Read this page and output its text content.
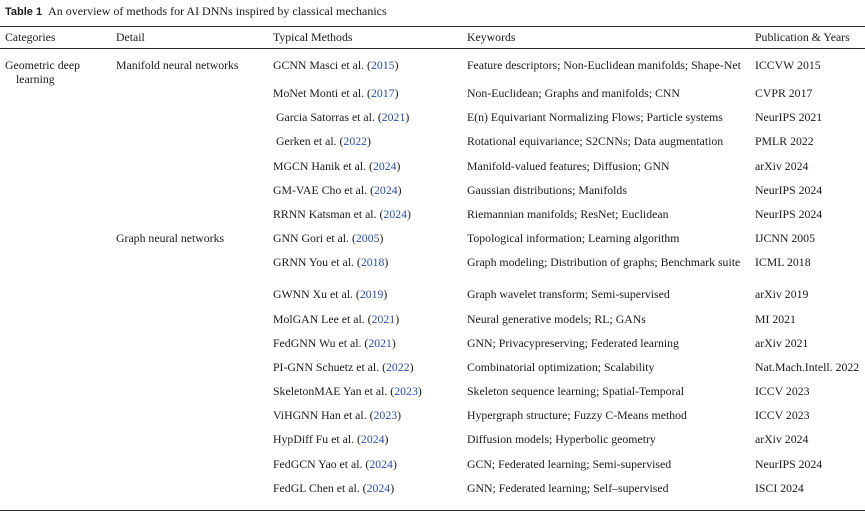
Table 1 An overview of methods for AI DNNs inspired by classical mechanics
Categories	Detail	Typical Methods	Keywords	Publication & Years

Geometric deep
learning	Manifold neural networks	GCNN Masci et al. (2015)	Feature descriptors; Non-Euclidean manifolds; Shape-Net	ICCVW 2015
		MoNet Monti et al. (2017)	Non-Euclidean; Graphs and manifolds; CNN	CVPR 2017
		Garcia Satorras et al. (2021)	E(n) Equivariant Normalizing Flows; Particle systems	NeurIPS 2021
		Gerken et al. (2022)	Rotational equivariance; S2CNNs; Data augmentation	PMLR 2022
		MGCN Hanik et al. (2024)	Manifold-valued features; Diffusion; GNN	arXiv 2024
		GM-VAE Cho et al. (2024)	Gaussian distributions; Manifolds	NeurIPS 2024
		RRNN Katsman et al. (2024)	Riemannian manifolds; ResNet; Euclidean	NeurIPS 2024
	Graph neural networks	GNN Gori et al. (2005)	Topological information; Learning algorithm	IJCNN 2005
		GRNN You et al. (2018)	Graph modeling; Distribution of graphs; Benchmark suite	ICML 2018
		GWNN Xu et al. (2019)	Graph wavelet transform; Semi-supervised	arXiv 2019
		MolGAN Lee et al. (2021)	Neural generative models; RL; GANs	MI 2021
		FedGNN Wu et al. (2021)	GNN; Privacypreserving; Federated learning	arXiv 2021
		PI-GNN Schuetz et al. (2022)	Combinatorial optimization; Scalability	Nat.Mach.Intell. 2022
		SkeletonMAE Yan et al. (2023)	Skeleton sequence learning; Spatial-Temporal	ICCV 2023
		ViHGNN Han et al. (2023)	Hypergraph structure; Fuzzy C-Means method	ICCV 2023
		HypDiff Fu et al. (2024)	Diffusion models; Hyperbolic geometry	arXiv 2024
		FedGCN Yao et al. (2024)	GCN; Federated learning; Semi-supervised	NeurIPS 2024
		FedGL Chen et al. (2024)	GNN; Federated learning; Self–supervised	ISCI 2024
